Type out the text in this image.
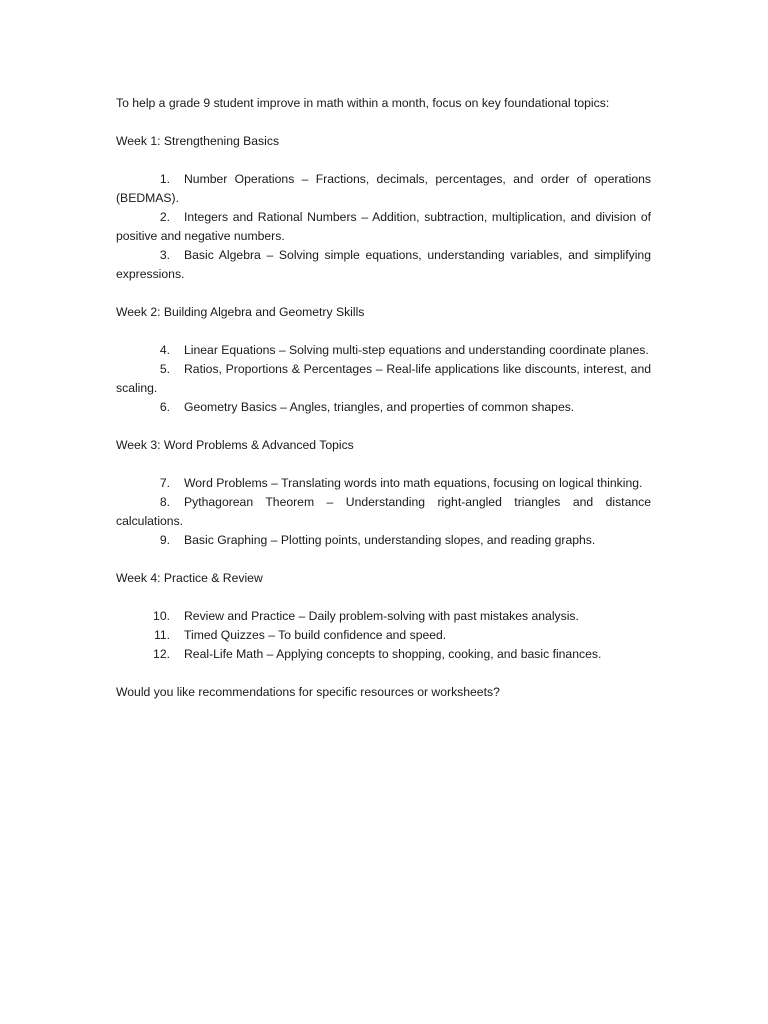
To help a grade 9 student improve in math within a month, focus on key foundational topics:

Week 1: Strengthening Basics

1. Number Operations – Fractions, decimals, percentages, and order of operations (BEDMAS).

2. Integers and Rational Numbers – Addition, subtraction, multiplication, and division of positive and negative numbers.

3. Basic Algebra – Solving simple equations, understanding variables, and simplifying expressions.

Week 2: Building Algebra and Geometry Skills

4. Linear Equations – Solving multi-step equations and understanding coordinate planes.

5. Ratios, Proportions & Percentages – Real-life applications like discounts, interest, and scaling.

6. Geometry Basics – Angles, triangles, and properties of common shapes.

Week 3: Word Problems & Advanced Topics

7. Word Problems – Translating words into math equations, focusing on logical thinking.

8. Pythagorean Theorem – Understanding right-angled triangles and distance calculations.

9. Basic Graphing – Plotting points, understanding slopes, and reading graphs.

Week 4: Practice & Review

10. Review and Practice – Daily problem-solving with past mistakes analysis.

11. Timed Quizzes – To build confidence and speed.

12. Real-Life Math – Applying concepts to shopping, cooking, and basic finances.

Would you like recommendations for specific resources or worksheets?
